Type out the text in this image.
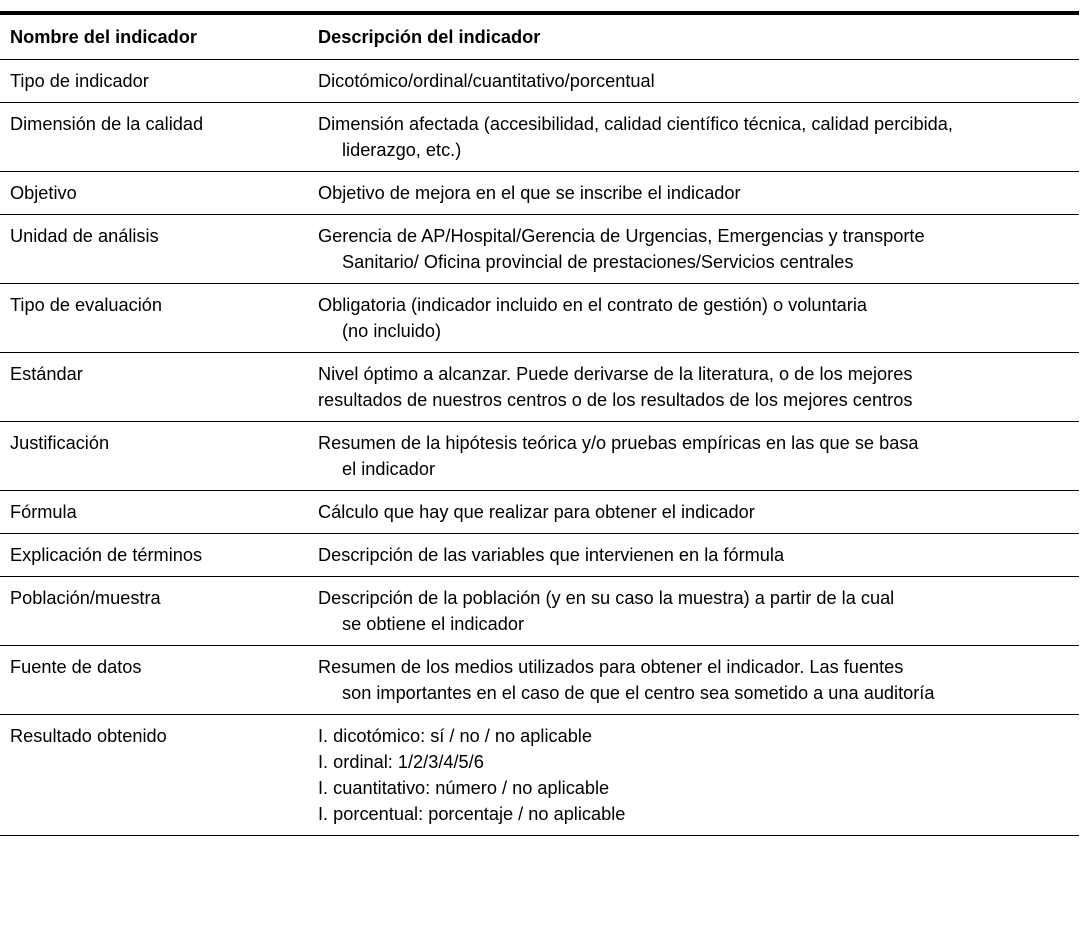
Nombre del indicador	Descripción del indicador
Tipo de indicador	Dicotómico/ordinal/cuantitativo/porcentual

Dimensión de la calidad	Dimensión afectada (accesibilidad, calidad científico técnica, calidad percibida,
liderazgo, etc.)

Objetivo	Objetivo de mejora en el que se inscribe el indicador

Unidad de análisis	Gerencia de AP/Hospital/Gerencia de Urgencias, Emergencias y transporte
Sanitario/ Oficina provincial de prestaciones/Servicios centrales

Tipo de evaluación	Obligatoria (indicador incluido en el contrato de gestión) o voluntaria
(no incluido)

Estándar	Nivel óptimo a alcanzar. Puede derivarse de la literatura, o de los mejores
resultados de nuestros centros o de los resultados de los mejores centros

Justificación	Resumen de la hipótesis teórica y/o pruebas empíricas en las que se basa
el indicador

Fórmula	Cálculo que hay que realizar para obtener el indicador

Explicación de términos	Descripción de las variables que intervienen en la fórmula

Población/muestra	Descripción de la población (y en su caso la muestra) a partir de la cual
se obtiene el indicador

Fuente de datos	Resumen de los medios utilizados para obtener el indicador. Las fuentes
son importantes en el caso de que el centro sea sometido a una auditoría

Resultado obtenido	I. dicotómico: sí / no / no aplicable
I. ordinal: 1/2/3/4/5/6
I. cuantitativo: número / no aplicable
I. porcentual: porcentaje / no aplicable
